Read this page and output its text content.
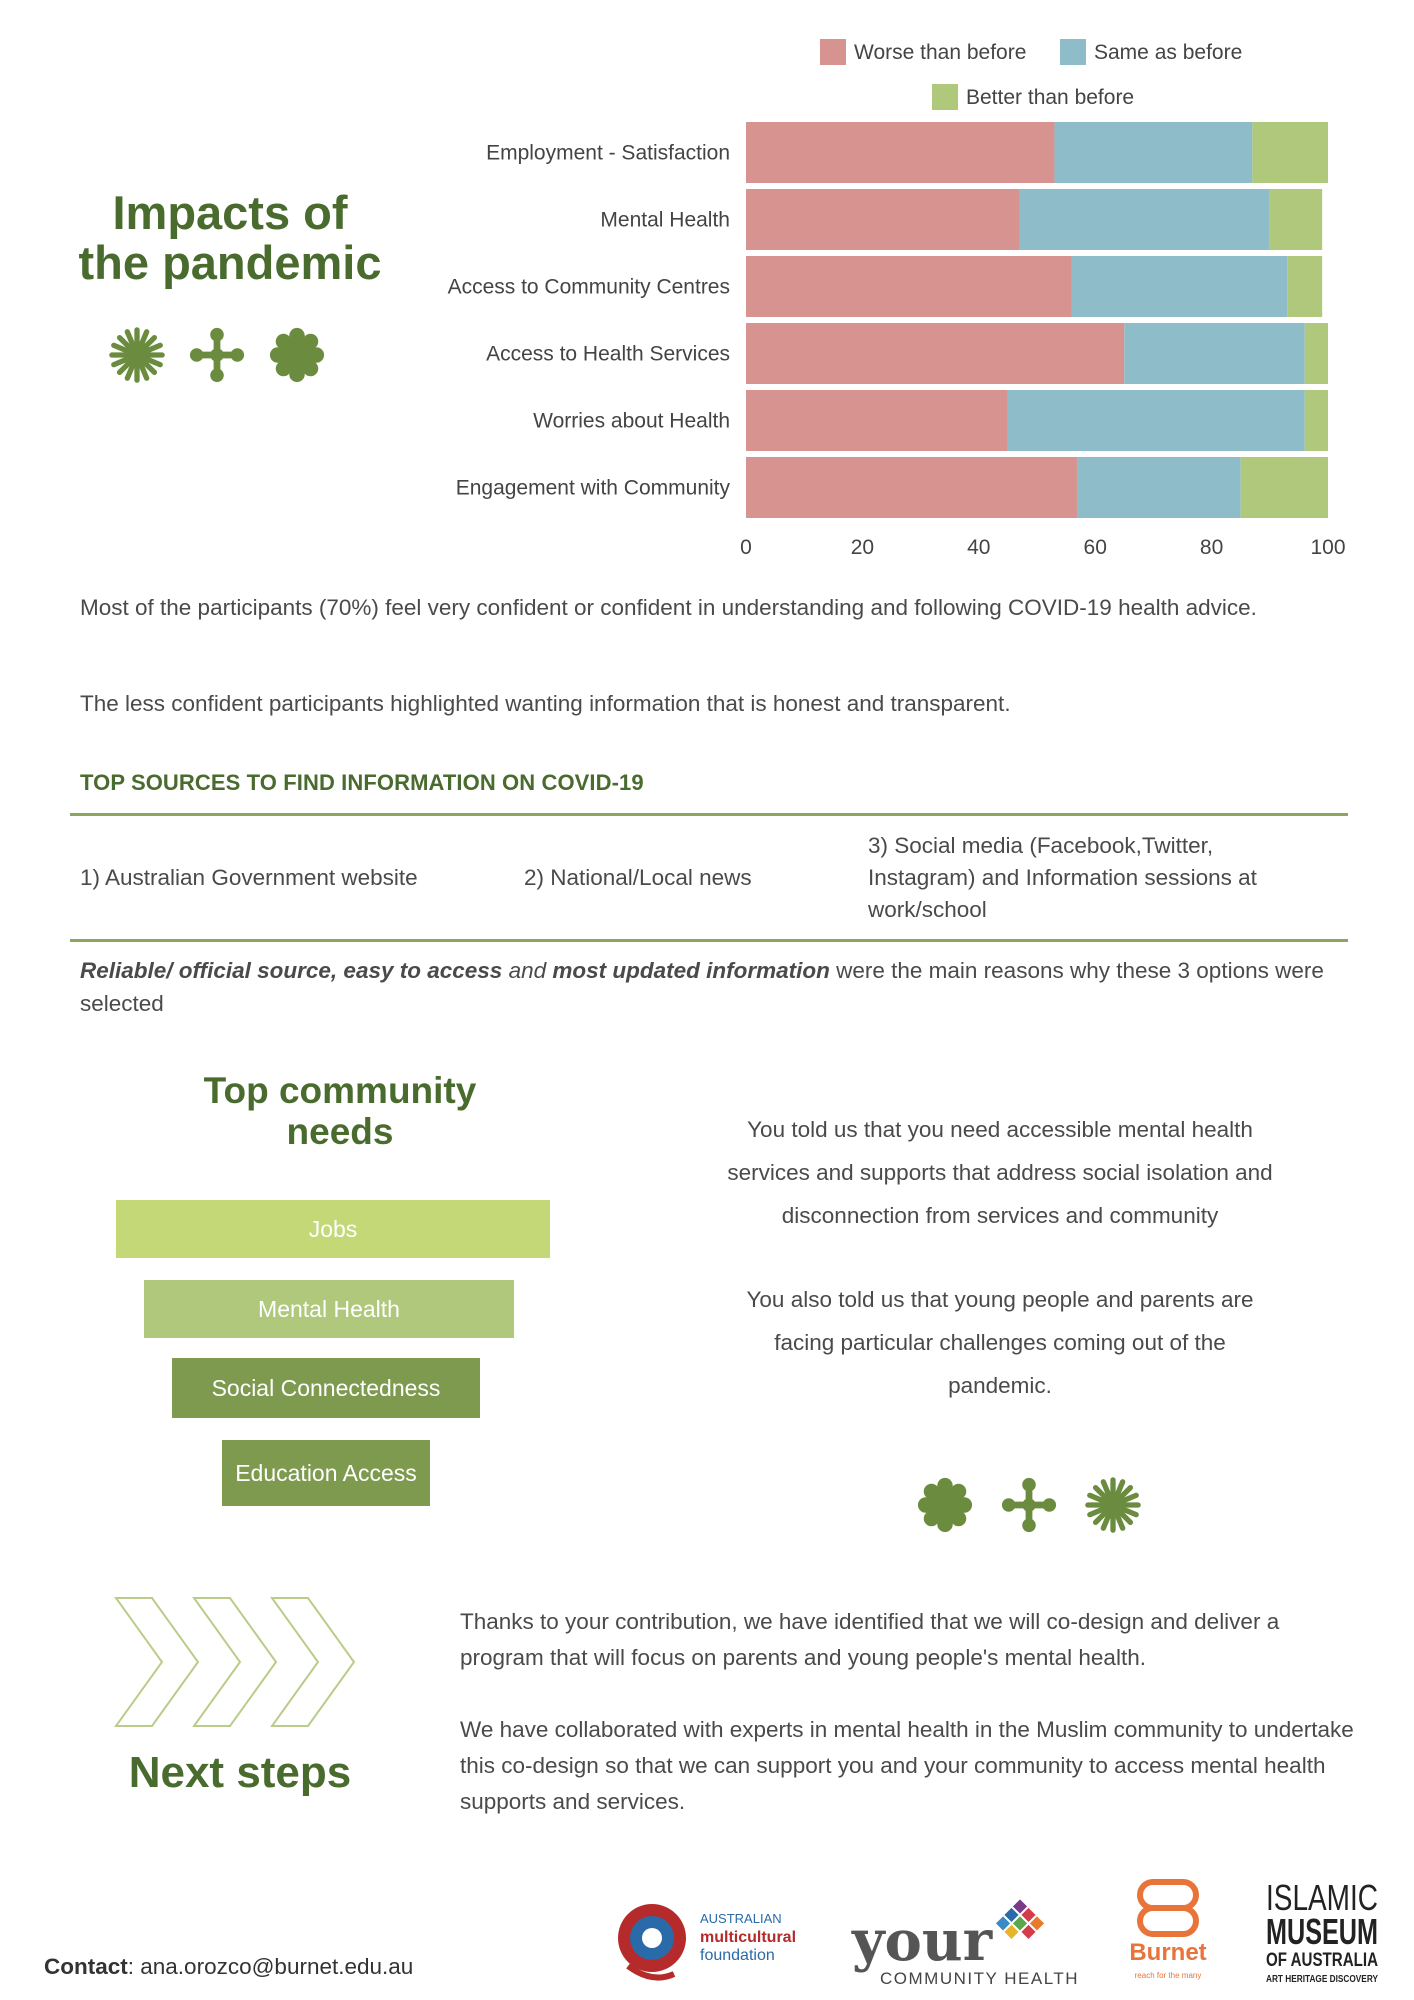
Impacts of
the pandemic
Worse than before	Same as before
Better than before
Employment - Satisfaction
Mental Health
Access to Community Centres
Access to Health Services
Worries about Health
Engagement with Community
0	20	40	60	80	100
Most of the participants (70%) feel very confident or confident in understanding and following COVID-19 health advice.
The less confident participants highlighted wanting information that is honest and transparent.
TOP SOURCES TO FIND INFORMATION ON COVID-19
1) Australian Government website	2) National/Local news
3) Social media (Facebook,Twitter, Instagram) and Information sessions at work/school
Reliable/ official source, easy to access and most updated information were the main reasons why these 3 options were selected
Top community
needs
Jobs
Mental Health
Social Connectedness
Education Access
You told us that you need accessible mental health services and supports that address social isolation and disconnection from services and community
You also told us that young people and parents are facing particular challenges coming out of the pandemic.
Next steps
Thanks to your contribution, we have identified that we will co-design and deliver a program that will focus on parents and young people's mental health.
We have collaborated with experts in mental health in the Muslim community to undertake this co-design so that we can support you and your community to access mental health supports and services.
Contact: ana.orozco@burnet.edu.au
AUSTRALIAN
multicultural
foundation your
COMMUNITY HEALTH
Burnet
reach for the many
ISLAMIC
MUSEUM
OF AUSTRALIA
ART HERITAGE DISCOVERY
